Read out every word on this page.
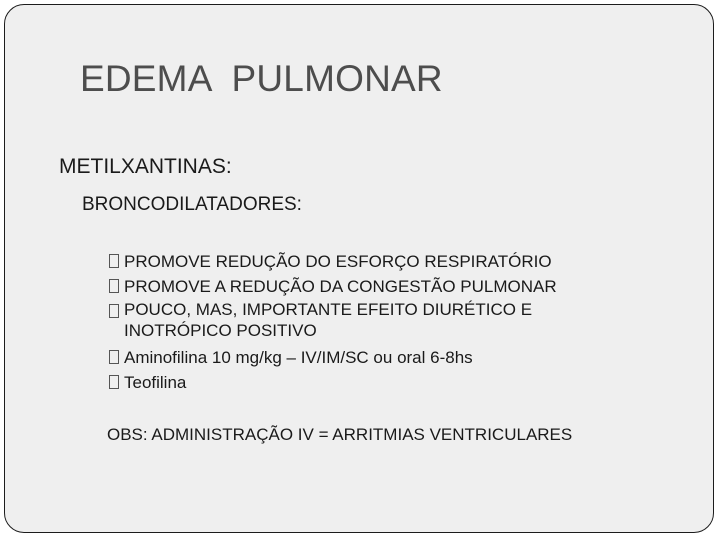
EDEMA  PULMONAR
METILXANTINAS:
BRONCODILATADORES:
PROMOVE REDUÇÃO DO ESFORÇO RESPIRATÓRIO
PROMOVE A REDUÇÃO DA CONGESTÃO PULMONAR
POUCO, MAS, IMPORTANTE EFEITO DIURÉTICO E INOTRÓPICO POSITIVO
Aminofilina 10 mg/kg – IV/IM/SC ou oral 6-8hs
Teofilina
OBS: ADMINISTRAÇÃO IV = ARRITMIAS VENTRICULARES
